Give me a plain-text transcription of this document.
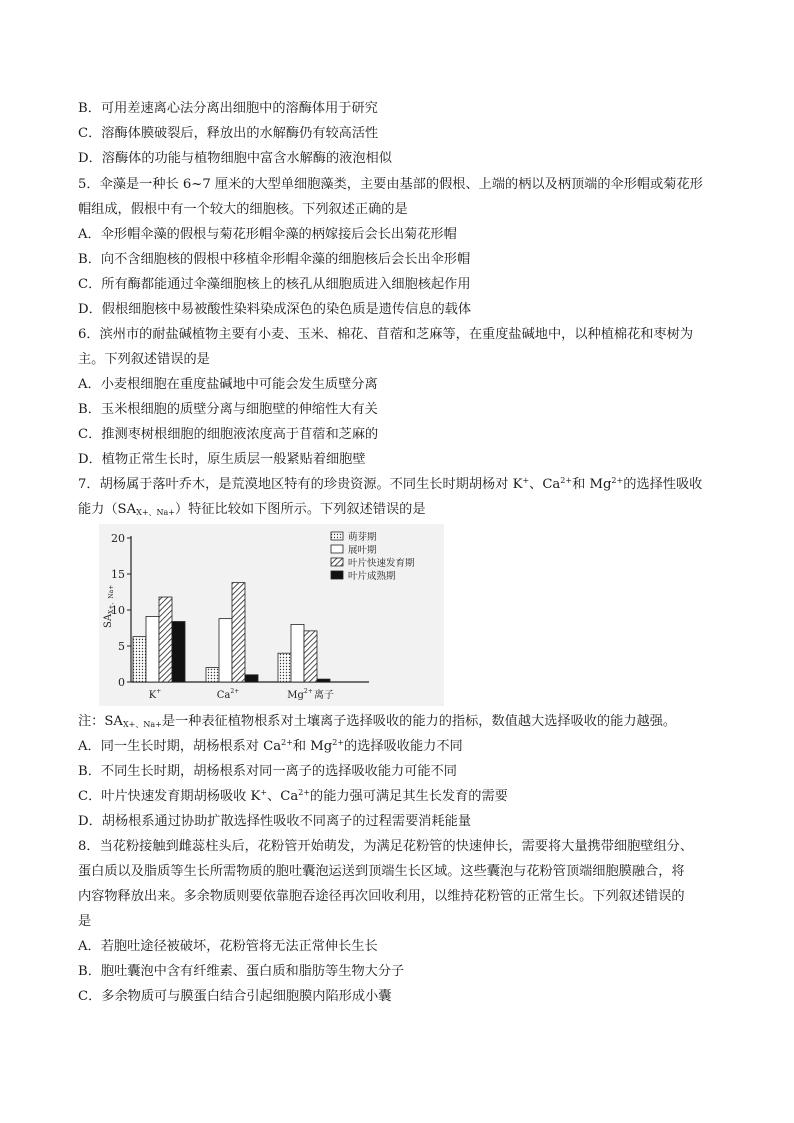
B．可用差速离心法分离出细胞中的溶酶体用于研究
C．溶酶体膜破裂后，释放出的水解酶仍有较高活性
D．溶酶体的功能与植物细胞中富含水解酶的液泡相似
5．伞藻是一种长 6~7 厘米的大型单细胞藻类，主要由基部的假根、上端的柄以及柄顶端的伞形帽或菊花形
帽组成，假根中有一个较大的细胞核。下列叙述正确的是
A．伞形帽伞藻的假根与菊花形帽伞藻的柄嫁接后会长出菊花形帽
B．向不含细胞核的假根中移植伞形帽伞藻的细胞核后会长出伞形帽
C．所有酶都能通过伞藻细胞核上的核孔从细胞质进入细胞核起作用
D．假根细胞核中易被酸性染料染成深色的染色质是遗传信息的载体
6．滨州市的耐盐碱植物主要有小麦、玉米、棉花、苜蓿和芝麻等，在重度盐碱地中，以种植棉花和枣树为
主。下列叙述错误的是
A．小麦根细胞在重度盐碱地中可能会发生质壁分离
B．玉米根细胞的质壁分离与细胞壁的伸缩性大有关
C．推测枣树根细胞的细胞液浓度高于苜蓿和芝麻的
D．植物正常生长时，原生质层一般紧贴着细胞壁
7．胡杨属于落叶乔木，是荒漠地区特有的珍贵资源。不同生长时期胡杨对 K+、$Ca^{2+}$和 $Mg^{2+}$的选择性吸收
能力$(SA_{X+、Na+})$特征比较如下图所示。下列叙述错误的是
0
5
10
15
20
$SA_{X+、Na+}$
K+	$Ca^{2+}$	$Mg^{2+}$ 离子
萌芽期
展叶期
叶片快速发育期
叶片成熟期
注：$SA_{X+、Na+}$是一种表征植物根系对土壤离子选择吸收的能力的指标，数值越大选择吸收的能力越强。
A．同一生长时期，胡杨根系对 $Ca^{2+}$和 $Mg^{2+}$的选择吸收能力不同
B．不同生长时期，胡杨根系对同一离子的选择吸收能力可能不同
C．叶片快速发育期胡杨吸收 K+、$Ca^{2+}$的能力强可满足其生长发育的需要
D．胡杨根系通过协助扩散选择性吸收不同离子的过程需要消耗能量
8．当花粉接触到雌蕊柱头后，花粉管开始萌发，为满足花粉管的快速伸长，需要将大量携带细胞壁组分、
蛋白质以及脂质等生长所需物质的胞吐囊泡运送到顶端生长区域。这些囊泡与花粉管顶端细胞膜融合，将
内容物释放出来。多余物质则要依靠胞吞途径再次回收利用，以维持花粉管的正常生长。下列叙述错误的
是
A．若胞吐途径被破坏，花粉管将无法正常伸长生长
B．胞吐囊泡中含有纤维素、蛋白质和脂肪等生物大分子
C．多余物质可与膜蛋白结合引起细胞膜内陷形成小囊
